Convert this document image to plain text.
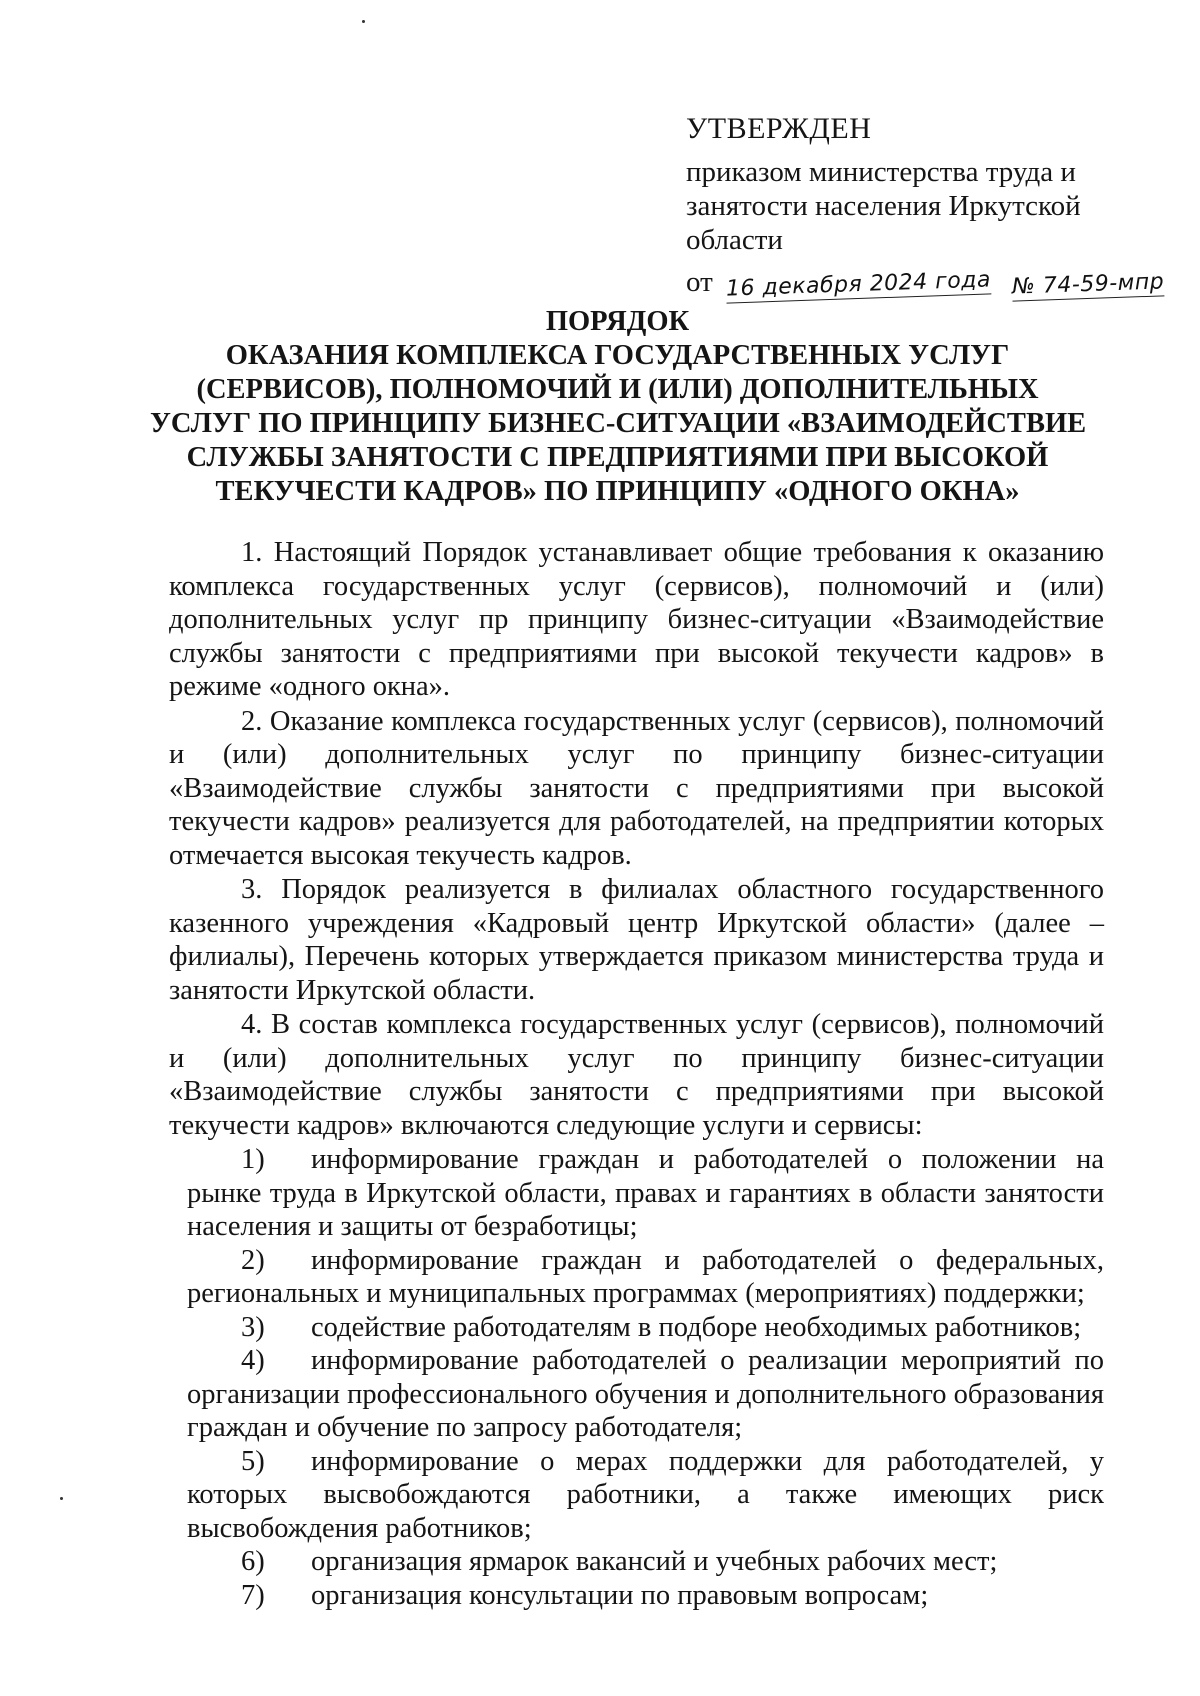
УТВЕРЖДЕН
приказом министерства труда и
занятости населения Иркутской
области
от 16 декабря 2024 года № 74-59-мпр
ПОРЯДОК
ОКАЗАНИЯ КОМПЛЕКСА ГОСУДАРСТВЕННЫХ УСЛУГ
(СЕРВИСОВ), ПОЛНОМОЧИЙ И (ИЛИ) ДОПОЛНИТЕЛЬНЫХ
УСЛУГ ПО ПРИНЦИПУ БИЗНЕС-СИТУАЦИИ «ВЗАИМОДЕЙСТВИЕ
СЛУЖБЫ ЗАНЯТОСТИ С ПРЕДПРИЯТИЯМИ ПРИ ВЫСОКОЙ
ТЕКУЧЕСТИ КАДРОВ» ПО ПРИНЦИПУ «ОДНОГО ОКНА»

1. Настоящий Порядок устанавливает общие требования к оказанию комплекса государственных услуг (сервисов), полномочий и (или) дополнительных услуг пр принципу бизнес-ситуации «Взаимодействие службы занятости с предприятиями при высокой текучести кадров» в режиме «одного окна».

2. Оказание комплекса государственных услуг (сервисов), полномочий и (или) дополнительных услуг по принципу бизнес-ситуации «Взаимодействие службы занятости с предприятиями при высокой текучести кадров» реализуется для работодателей, на предприятии которых отмечается высокая текучесть кадров.

3. Порядок реализуется в филиалах областного государственного казенного учреждения «Кадровый центр Иркутской области» (далее – филиалы), Перечень которых утверждается приказом министерства труда и занятости Иркутской области.

4. В состав комплекса государственных услуг (сервисов), полномочий и (или) дополнительных услуг по принципу бизнес-ситуации «Взаимодействие службы занятости с предприятиями при высокой текучести кадров» включаются следующие услуги и сервисы:

1) информирование граждан и работодателей о положении на рынке труда в Иркутской области, правах и гарантиях в области занятости населения и защиты от безработицы;
2) информирование граждан и работодателей о федеральных, региональных и муниципальных программах (мероприятиях) поддержки;
3) содействие работодателям в подборе необходимых работников;
4) информирование работодателей о реализации мероприятий по организации профессионального обучения и дополнительного образования граждан и обучение по запросу работодателя;
5) информирование о мерах поддержки для работодателей, у которых высвобождаются работники, а также имеющих риск высвобождения работников;
6) организация ярмарок вакансий и учебных рабочих мест;
7) организация консультации по правовым вопросам;
